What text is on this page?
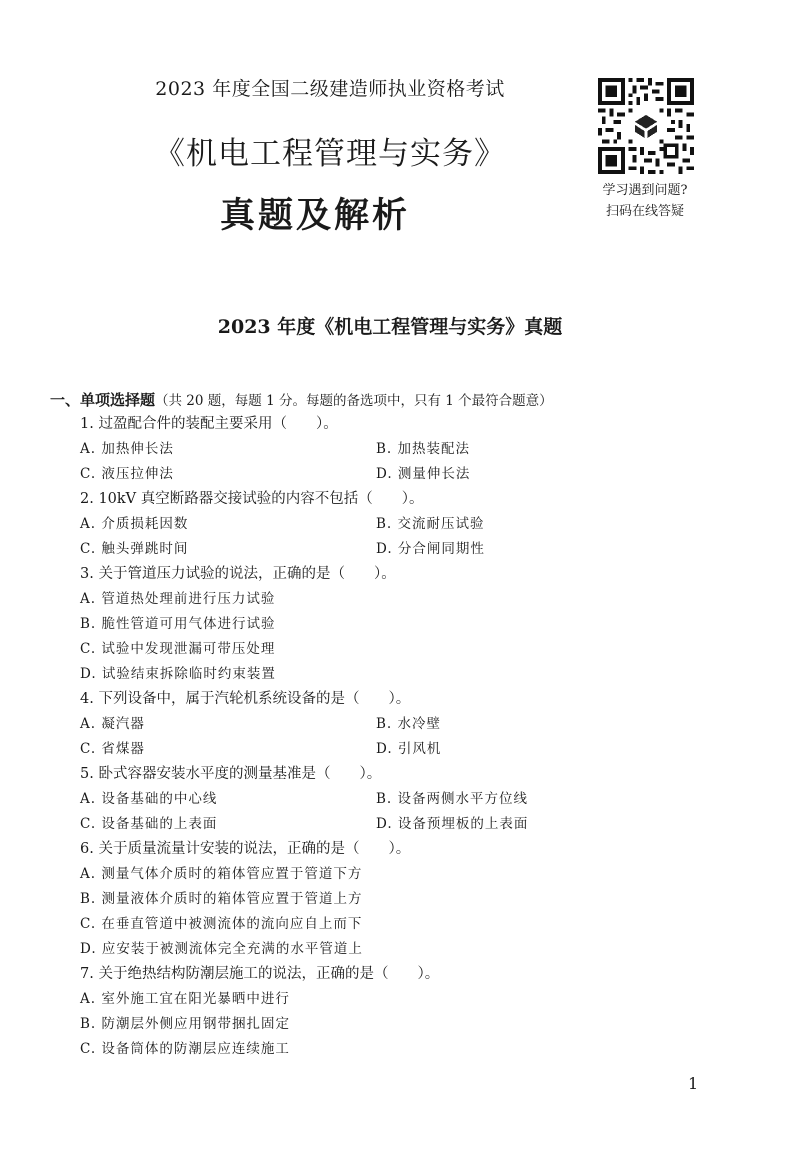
2023 年度全国二级建造师执业资格考试
《机电工程管理与实务》
真题及解析
学习遇到问题?
扫码在线答疑
2023 年度《机电工程管理与实务》真题
一、单项选择题（共 20 题，每题 1 分。每题的备选项中，只有 1 个最符合题意）
1. 过盈配合件的装配主要采用（　　）。
A. 加热伸长法	B. 加热装配法
C. 液压拉伸法	D. 测量伸长法
2. 10kV 真空断路器交接试验的内容不包括（　　）。
A. 介质损耗因数	B. 交流耐压试验
C. 触头弹跳时间	D. 分合闸同期性
3. 关于管道压力试验的说法，正确的是（　　）。
A. 管道热处理前进行压力试验
B. 脆性管道可用气体进行试验
C. 试验中发现泄漏可带压处理
D. 试验结束拆除临时约束装置
4. 下列设备中，属于汽轮机系统设备的是（　　）。
A. 凝汽器	B. 水冷壁
C. 省煤器	D. 引风机
5. 卧式容器安装水平度的测量基准是（　　）。
A. 设备基础的中心线	B. 设备两侧水平方位线
C. 设备基础的上表面	D. 设备预埋板的上表面
6. 关于质量流量计安装的说法，正确的是（　　）。
A. 测量气体介质时的箱体管应置于管道下方
B. 测量液体介质时的箱体管应置于管道上方
C. 在垂直管道中被测流体的流向应自上而下
D. 应安装于被测流体完全充满的水平管道上
7. 关于绝热结构防潮层施工的说法，正确的是（　　）。
A. 室外施工宜在阳光暴晒中进行
B. 防潮层外侧应用钢带捆扎固定
C. 设备筒体的防潮层应连续施工
1
